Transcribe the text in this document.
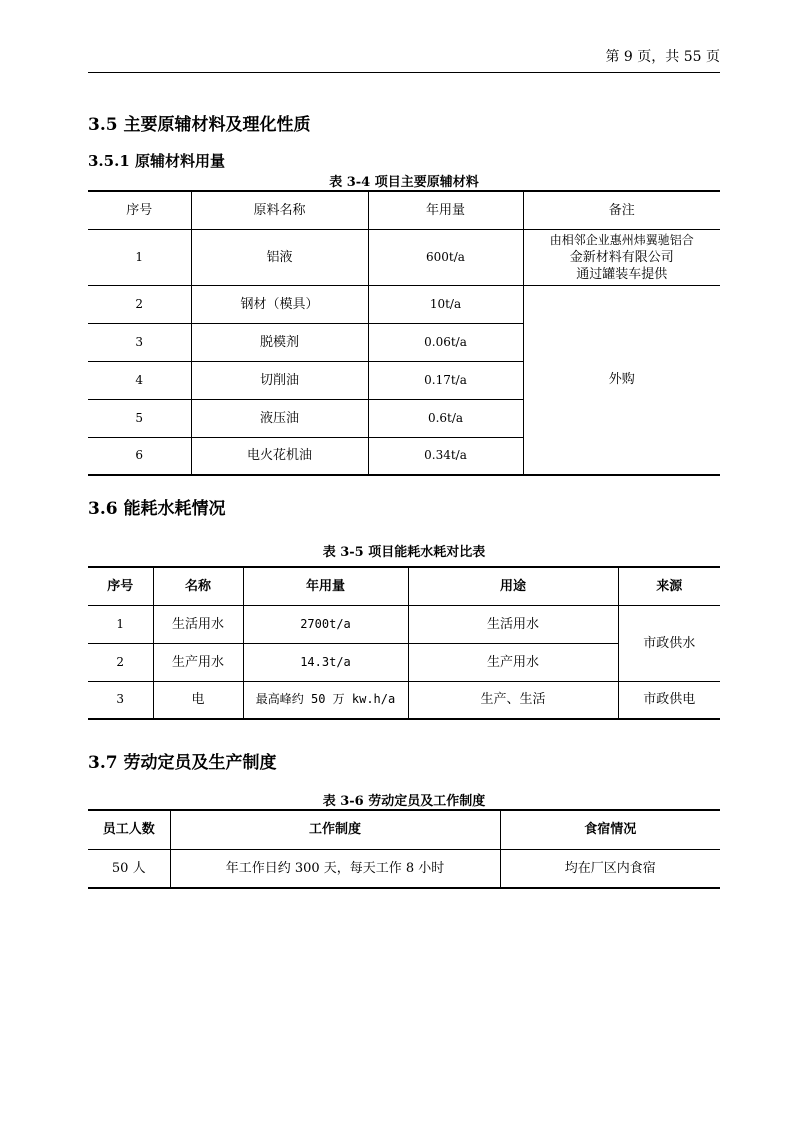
第 9 页，共 55 页
3.5 主要原辅材料及理化性质
3.5.1 原辅材料用量
表 3-4 项目主要原辅材料
序号	原料名称	年用量	备注
1	铝液	600t/a	由相邻企业惠州炜翼驰铝合
金新材料有限公司
通过罐装车提供

2	钢材（模具）	10t/a	外购
3	脱模剂	0.06t/a	
4	切削油	0.17t/a	
5	液压油	0.6t/a	
6	电火花机油	0.34t/a	
3.6 能耗水耗情况
表 3-5 项目能耗水耗对比表
序号	名称	年用量	用途	来源
1	生活用水	2700t/a	生活用水	市政供水
2	生产用水	14.3t/a	生产用水	
3	电	最高峰约 50 万 kw.h/a	生产、生活	市政供电
3.7 劳动定员及生产制度
表 3-6 劳动定员及工作制度
员工人数	工作制度	食宿情况
50 人	年工作日约 300 天，每天工作 8 小时	均在厂区内食宿
